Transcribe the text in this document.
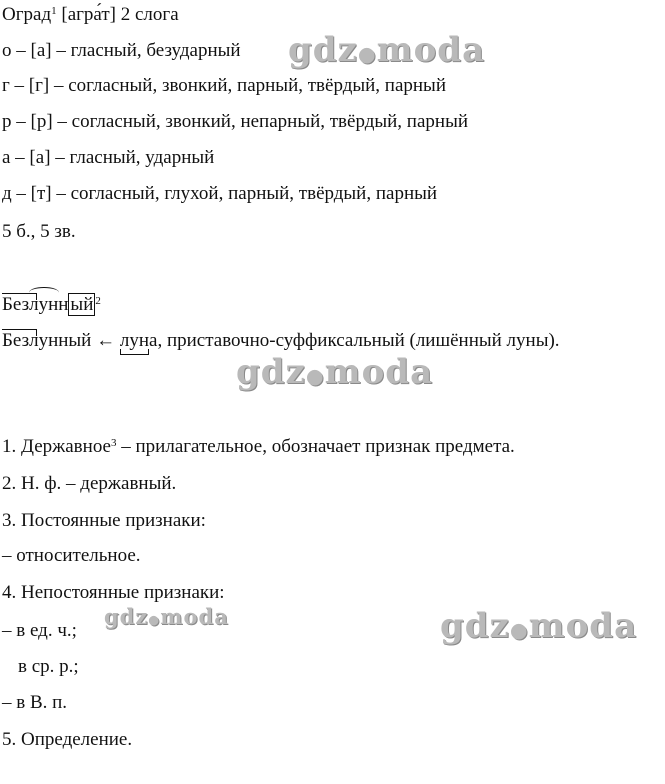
Оград$^1$ [агра́т] 2 слога
о – [а] – гласный, безударный
г – [г] – согласный, звонкий, парный, твёрдый, парный
р – [р] – согласный, звонкий, непарный, твёрдый, парный
а – [а] – гласный, ударный
д – [т] – согласный, глухой, парный, твёрдый, парный
5 б., 5 зв.
Без
лунн ый $^2$
Безлунный ← луна, приставочно-суффиксальный (лишённый луны).
1. Державное$^3$ – прилагательное, обозначает признак предмета.
2. Н. ф. – державный.
3. Постоянные признаки:
– относительное.
4. Непостоянные признаки:
– в ед. ч.;
в ср. р.;
– в В. п.
5. Определение.
gdz●moda
gdz●moda
gdz●moda	gdz●moda
